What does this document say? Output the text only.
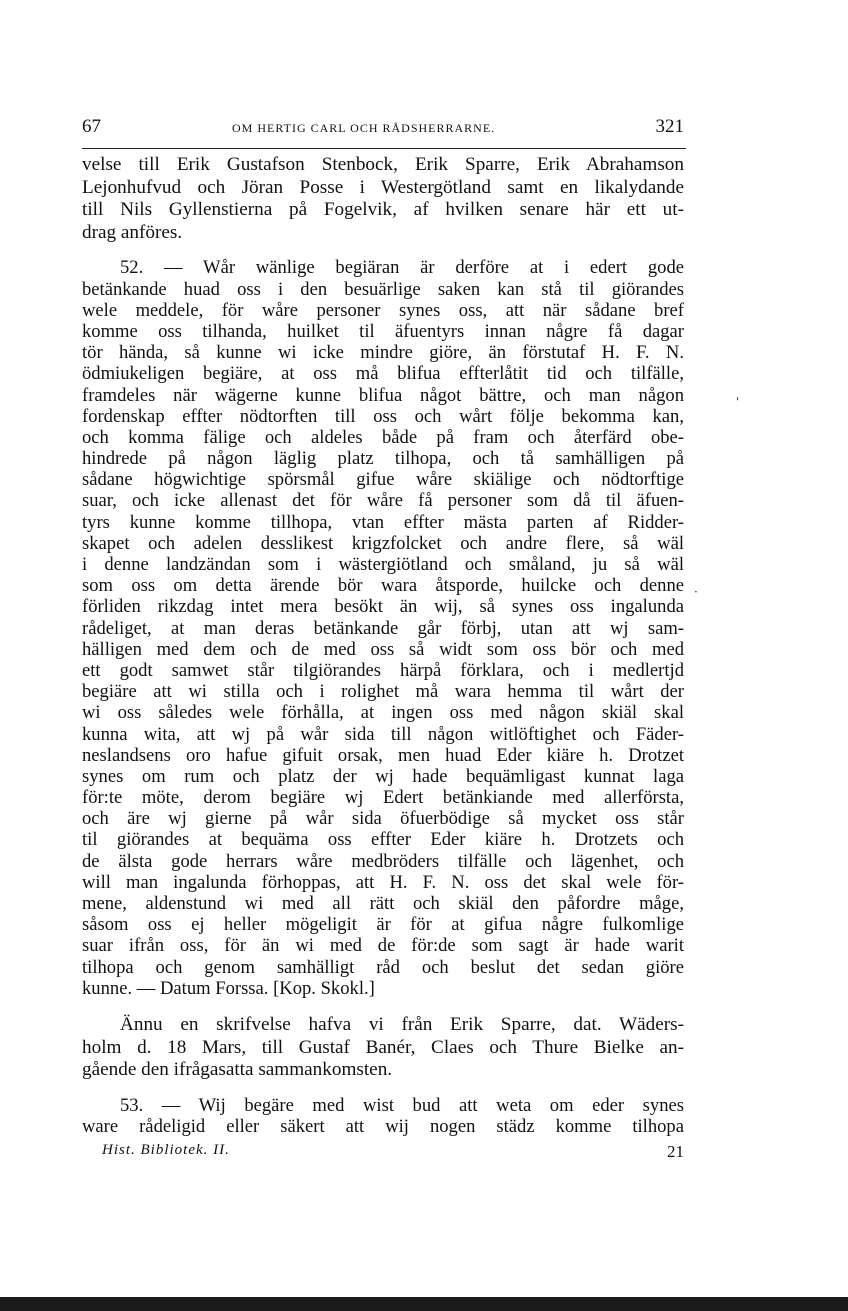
67	OM HERTIG CARL OCH RÅDSHERRARNE.	321
velse till Erik Gustafson Stenbock, Erik Sparre, Erik Abrahamson
Lejonhufvud och Jöran Posse i Westergötland samt en likalydande
till Nils Gyllenstierna på Fogelvik, af hvilken senare här ett ut-
drag anföres.
52. — Wår wänlige begiäran är derföre at i edert gode
betänkande huad oss i den besuärlige saken kan stå til giörandes
wele meddele, för wåre personer synes oss, att när sådane bref
komme oss tilhanda, huilket til äfuentyrs innan någre få dagar
tör hända, så kunne wi icke mindre giöre, än förstutaf H. F. N.
ödmiukeligen begiäre, at oss må blifua effterlåtit tid och tilfälle,
framdeles när wägerne kunne blifua något bättre, och man någon
fordenskap effter nödtorften till oss och wårt följe bekomma kan,
och komma fälige och aldeles både på fram och återfärd obe-
hindrede på någon läglig platz tilhopa, och tå samhälligen på
sådane högwichtige spörsmål gifue wåre skiälige och nödtorftige
suar, och icke allenast det för wåre få personer som då til äfuen-
tyrs kunne komme tillhopa, vtan effter mästa parten af Ridder-
skapet och adelen desslikest krigzfolcket och andre flere, så wäl
i denne landzändan som i wästergiötland och småland, ju så wäl
som oss om detta ärende bör wara åtsporde, huilcke och denne
förliden rikzdag intet mera besökt än wij, så synes oss ingalunda
rådeliget, at man deras betänkande går förbj, utan att wj sam-
hälligen med dem och de med oss så widt som oss bör och med
ett godt samwet står tilgiörandes härpå förklara, och i medlertjd
begiäre att wi stilla och i rolighet må wara hemma til wårt der
wi oss således wele förhålla, at ingen oss med någon skiäl skal
kunna wita, att wj på wår sida till någon witlöftighet och Fäder-
neslandsens oro hafue gifuit orsak, men huad Eder kiäre h. Drotzet
synes om rum och platz der wj hade bequämligast kunnat laga
för:te möte, derom begiäre wj Edert betänkiande med allerförsta,
och äre wj gierne på wår sida öfuerbödige så mycket oss står
til giörandes at bequäma oss effter Eder kiäre h. Drotzets och
de älsta gode herrars wåre medbröders tilfälle och lägenhet, och
will man ingalunda förhoppas, att H. F. N. oss det skal wele för-
mene, aldenstund wi med all rätt och skiäl den påfordre måge,
såsom oss ej heller mögeligit är för at gifua någre fulkomlige
suar ifrån oss, för än wi med de för:de som sagt är hade warit
tilhopa och genom samhälligt råd och beslut det sedan giöre
kunne. — Datum Forssa. [Kop. Skokl.]
Ännu en skrifvelse hafva vi från Erik Sparre, dat. Wäders-
holm d. 18 Mars, till Gustaf Banér, Claes och Thure Bielke an-
gående den ifrågasatta sammankomsten.
53. — Wij begäre med wist bud att weta om eder synes
ware rådeligid eller säkert att wij nogen städz komme tilhopa
Hist. Bibliotek. II.	21
'
·
